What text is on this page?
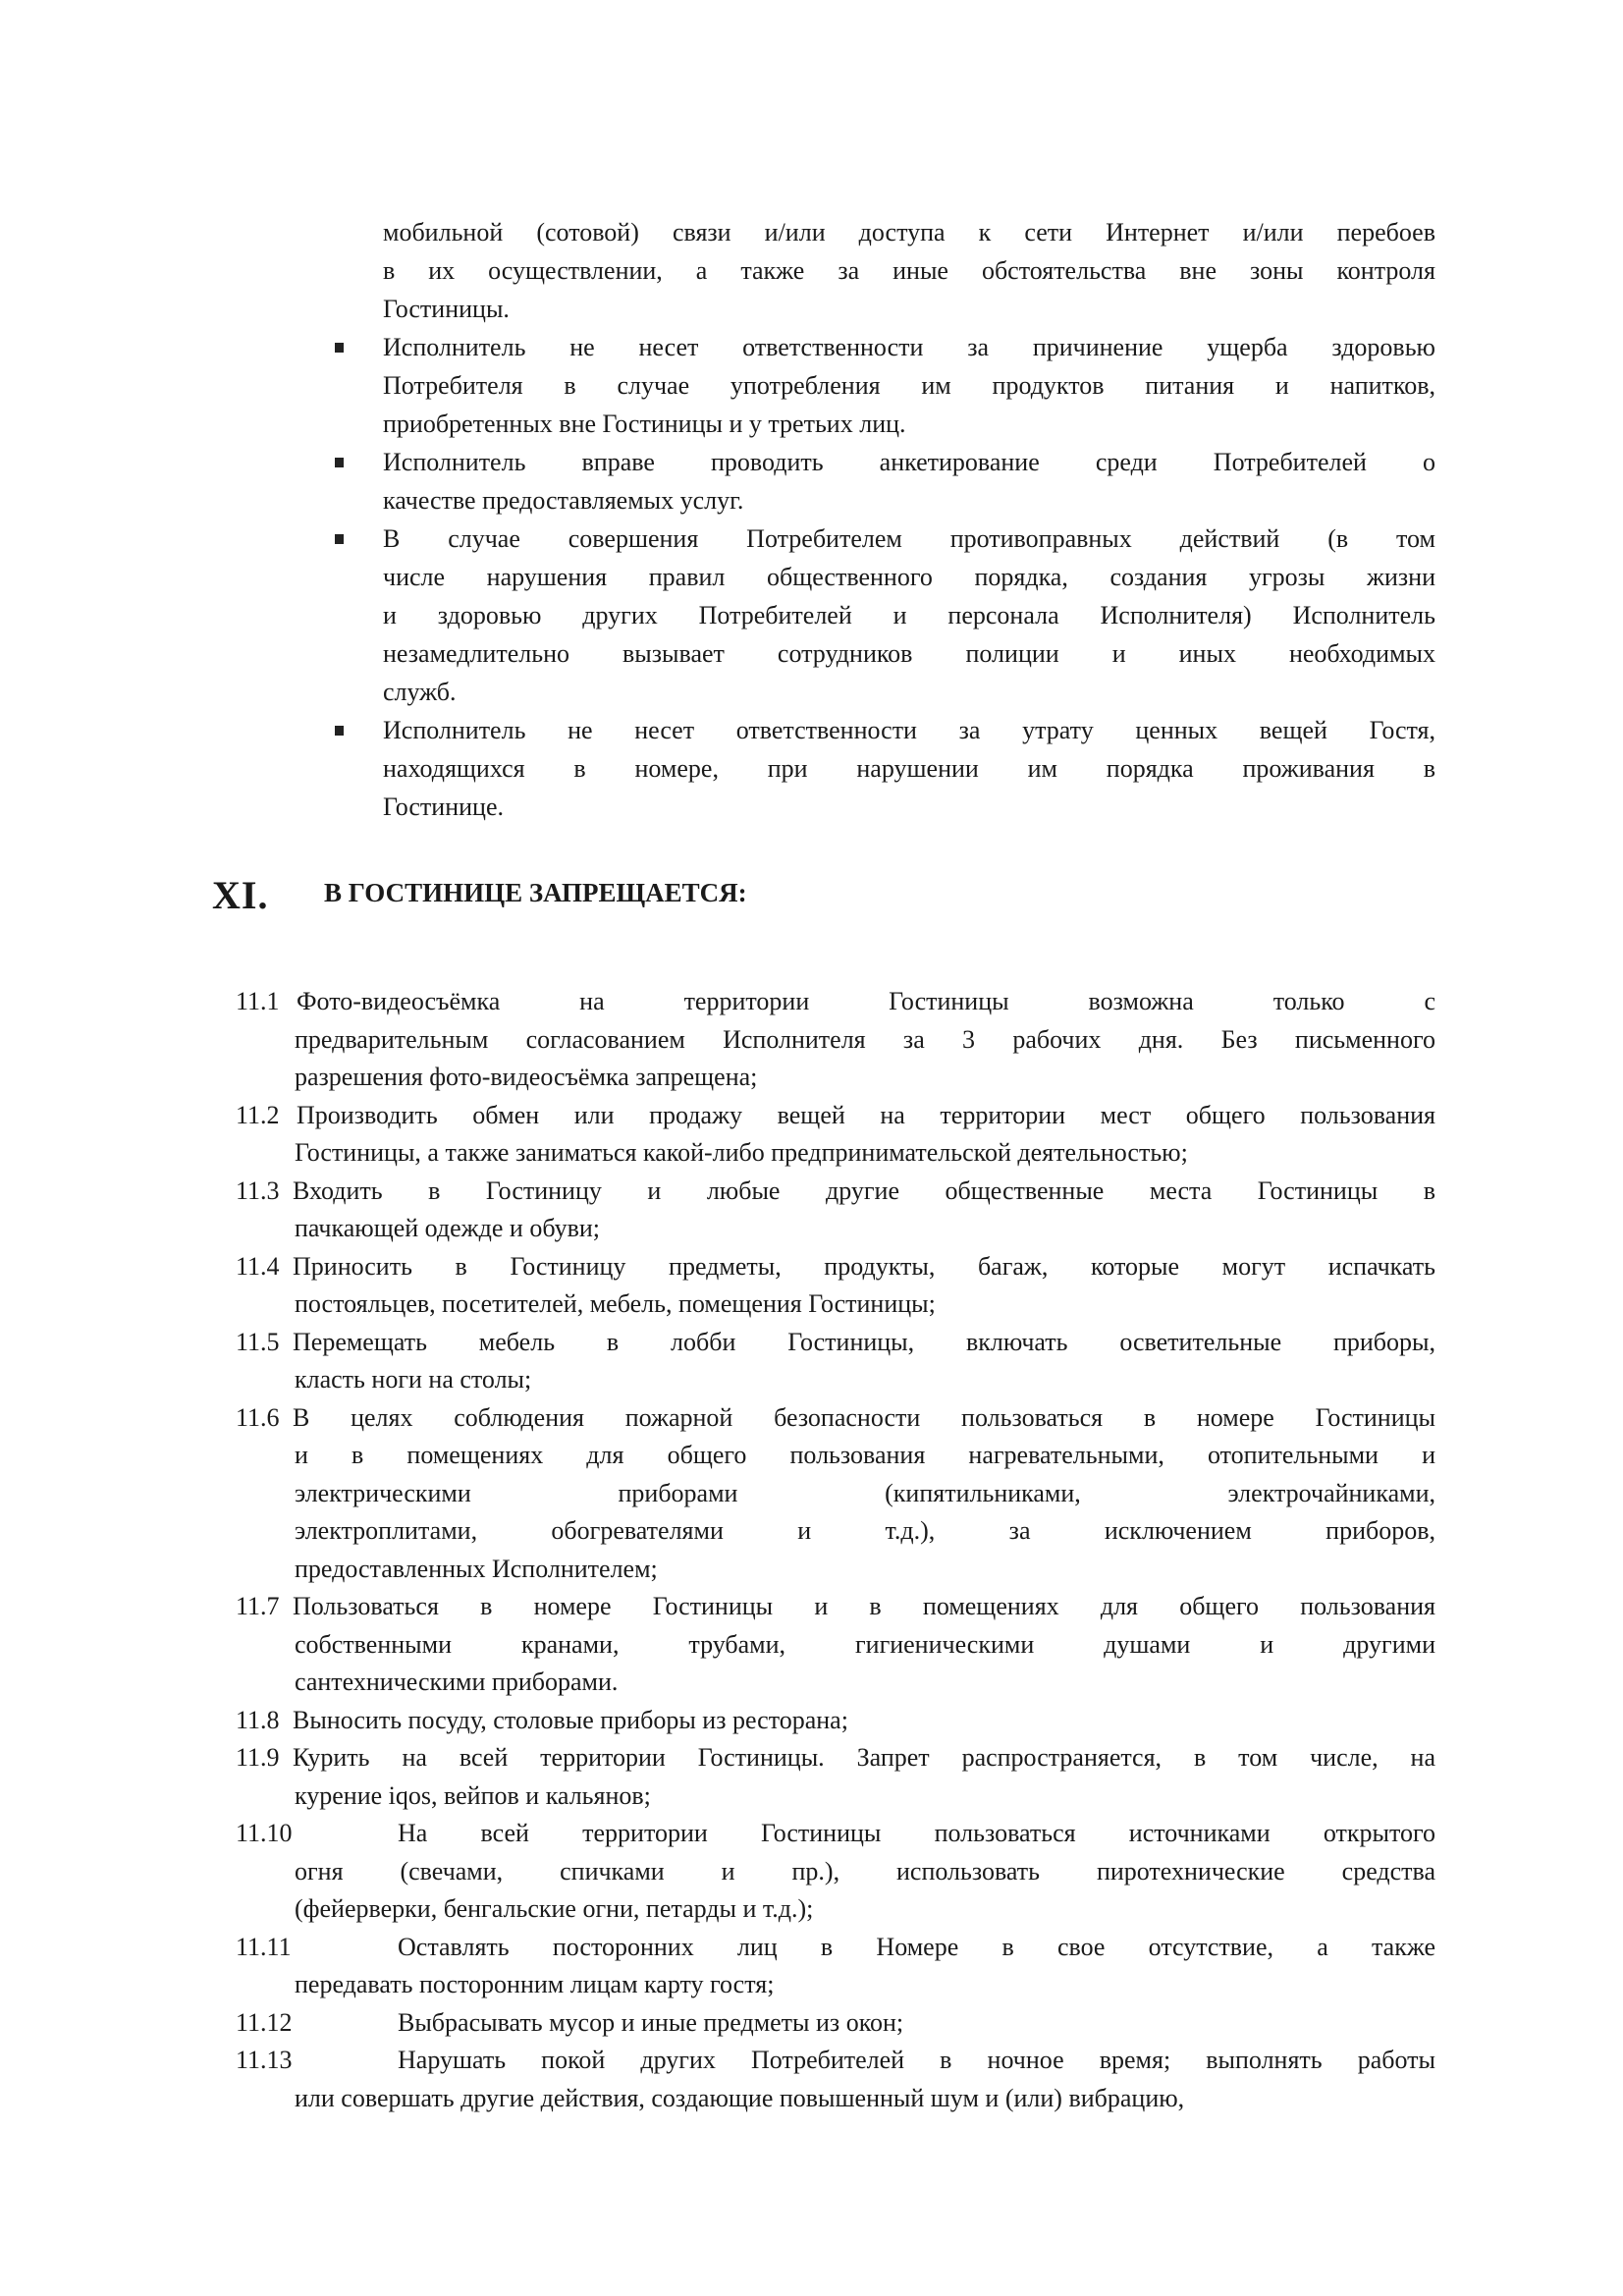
мобильной (сотовой) связи и/или доступа к сети Интернет и/или перебоев
в их осуществлении, а также за иные обстоятельства вне зоны контроля
Гостиницы.
Исполнитель не несет ответственности за причинение ущерба здоровью
Потребителя в случае употребления им продуктов питания и напитков,
приобретенных вне Гостиницы и у третьих лиц.
Исполнитель вправе проводить анкетирование среди Потребителей о
качестве предоставляемых услуг.
В случае совершения Потребителем противоправных действий (в том
числе нарушения правил общественного порядка, создания угрозы жизни
и здоровью других Потребителей и персонала Исполнителя) Исполнитель
незамедлительно вызывает сотрудников полиции и иных необходимых
служб.
Исполнитель не несет ответственности за утрату ценных вещей Гостя,
находящихся в номере, при нарушении им порядка проживания в
Гостинице.
XI. В ГОСТИНИЦЕ ЗАПРЕЩАЕТСЯ:
11.1 Фото-видеосъёмка на территории Гостиницы возможна только с
предварительным согласованием Исполнителя за 3 рабочих дня. Без письменного
разрешения фото-видеосъёмка запрещена;
11.2 Производить обмен или продажу вещей на территории мест общего пользования
Гостиницы, а также заниматься какой-либо предпринимательской деятельностью;
11.3 Входить в Гостиницу и любые другие общественные места Гостиницы в
пачкающей одежде и обуви;
11.4 Приносить в Гостиницу предметы, продукты, багаж, которые могут испачкать
постояльцев, посетителей, мебель, помещения Гостиницы;
11.5 Перемещать мебель в лобби Гостиницы, включать осветительные приборы,
класть ноги на столы;
11.6 В целях соблюдения пожарной безопасности пользоваться в номере Гостиницы
и в помещениях для общего пользования нагревательными, отопительными и
электрическими приборами (кипятильниками, электрочайниками,
электроплитами, обогревателями и т.д.), за исключением приборов,
предоставленных Исполнителем;
11.7 Пользоваться в номере Гостиницы и в помещениях для общего пользования
собственными кранами, трубами, гигиеническими душами и другими
сантехническими приборами.
11.8 Выносить посуду, столовые приборы из ресторана;
11.9 Курить на всей территории Гостиницы. Запрет распространяется, в том числе, на
курение iqos, вейпов и кальянов;
11.10	На всей территории Гостиницы пользоваться источниками открытого
огня (свечами, спичками и пр.), использовать пиротехнические средства
(фейерверки, бенгальские огни, петарды и т.д.);
11.11	Оставлять посторонних лиц в Номере в свое отсутствие, а также
передавать посторонним лицам карту гостя;
11.12	Выбрасывать мусор и иные предметы из окон;
11.13	Нарушать покой других Потребителей в ночное время; выполнять работы
или совершать другие действия, создающие повышенный шум и (или) вибрацию,
